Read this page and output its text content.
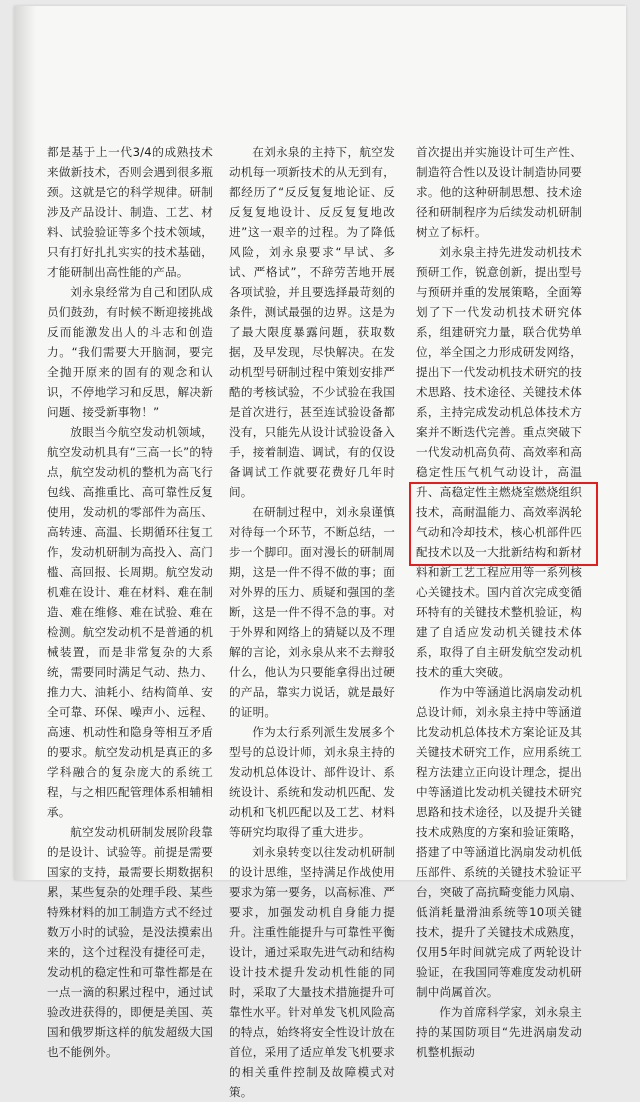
都是基于上一代3/4的成熟技术来做新技术，否则会遇到很多瓶颈。这就是它的科学规律。研制涉及产品设计、制造、工艺、材料、试验验证等多个技术领域，只有打好扎扎实实的技术基础，才能研制出高性能的产品。

刘永泉经常为自己和团队成员们鼓劲，有时候不断迎接挑战反而能激发出人的斗志和创造力。“我们需要大开脑洞，要完全抛开原来的固有的观念和认识，不停地学习和反思，解决新问题、接受新事物！”

放眼当今航空发动机领域，航空发动机具有“三高一长”的特点，航空发动机的整机为高飞行包线、高推重比、高可靠性反复使用，发动机的零部件为高压、高转速、高温、长期循环往复工作，发动机研制为高投入、高门槛、高回报、长周期。航空发动机难在设计、难在材料、难在制造、难在维修、难在试验、难在检测。航空发动机不是普通的机械装置，而是非常复杂的大系统，需要同时满足气动、热力、推力大、油耗小、结构简单、安全可靠、环保、噪声小、远程、高速、机动性和隐身等相互矛盾的要求。航空发动机是真正的多学科融合的复杂庞大的系统工程，与之相匹配管理体系相辅相承。

航空发动机研制发展阶段靠的是设计、试验等。前提是需要国家的支持，最需要长期数据积累，某些复杂的处理手段、某些特殊材料的加工制造方式不经过数万小时的试验，是没法摸索出来的，这个过程没有捷径可走，发动机的稳定性和可靠性都是在一点一滴的积累过程中，通过试验改进获得的，即便是美国、英国和俄罗斯这样的航发超级大国也不能例外。

在刘永泉的主持下，航空发动机每一项新技术的从无到有，都经历了“反反复复地论证、反反复复地设计、反反复复地改进”这一艰辛的过程。为了降低风险，刘永泉要求“早试、多试、严格试”，不辞劳苦地开展各项试验，并且要选择最苛刻的条件，测试最强的边界。这是为了最大限度暴露问题，获取数据，及早发现，尽快解决。在发动机型号研制过程中策划安排严酷的考核试验，不少试验在我国是首次进行，甚至连试验设备都没有，只能先从设计试验设备入手，接着制造、调试，有的仅设备调试工作就要花费好几年时间。

在研制过程中，刘永泉谨慎对待每一个环节，不断总结，一步一个脚印。面对漫长的研制周期，这是一件不得不做的事；面对外界的压力、质疑和强国的垄断，这是一件不得不急的事。对于外界和网络上的猜疑以及不理解的言论，刘永泉从来不去辩驳什么，他认为只要能拿得出过硬的产品，靠实力说话，就是最好的证明。

作为太行系列派生发展多个型号的总设计师，刘永泉主持的发动机总体设计、部件设计、系统设计、系统和发动机匹配、发动机和飞机匹配以及工艺、材料等研究均取得了重大进步。

刘永泉转变以往发动机研制的设计思维，坚持满足作战使用要求为第一要务，以高标准、严要求，加强发动机自身能力提升。注重性能提升与可靠性平衡设计，通过采取先进气动和结构设计技术提升发动机性能的同时，采取了大量技术措施提升可靠性水平。针对单发飞机风险高的特点，始终将安全性设计放在首位，采用了适应单发飞机要求的相关重件控制及故障模式对策。

首次提出并实施设计可生产性、制造符合性以及设计制造协同要求。他的这种研制思想、技术途径和研制程序为后续发动机研制树立了标杆。

刘永泉主持先进发动机技术预研工作，锐意创新，提出型号与预研并重的发展策略，全面筹划了下一代发动机技术研究体系，组建研究力量，联合优势单位，举全国之力形成研发网络，提出下一代发动机技术研究的技术思路、技术途径、关键技术体系，主持完成发动机总体技术方案并不断迭代完善。重点突破下一代发动机高负荷、高效率和高稳定性压气机气动设计，高温升、高稳定性主燃烧室燃烧组织技术，高耐温能力、高效率涡轮气动和冷却技术，核心机部件匹配技术以及一大批新结构和新材料和新工艺工程应用等一系列核心关键技术。国内首次完成变循环特有的关键技术整机验证，构建了自适应发动机关键技术体系，取得了自主研发航空发动机技术的重大突破。

作为中等涵道比涡扇发动机总设计师，刘永泉主持中等涵道比发动机总体技术方案论证及其关键技术研究工作，应用系统工程方法建立正向设计理念，提出中等涵道比发动机关键技术研究思路和技术途径，以及提升关键技术成熟度的方案和验证策略，搭建了中等涵道比涡扇发动机低压部件、系统的关键技术验证平台，突破了高抗畸变能力风扇、低消耗量滑油系统等10项关键技术，提升了关键技术成熟度，仅用5年时间就完成了两轮设计验证，在我国同等难度发动机研制中尚属首次。

作为首席科学家，刘永泉主持的某国防项目“先进涡扇发动机整机振动
